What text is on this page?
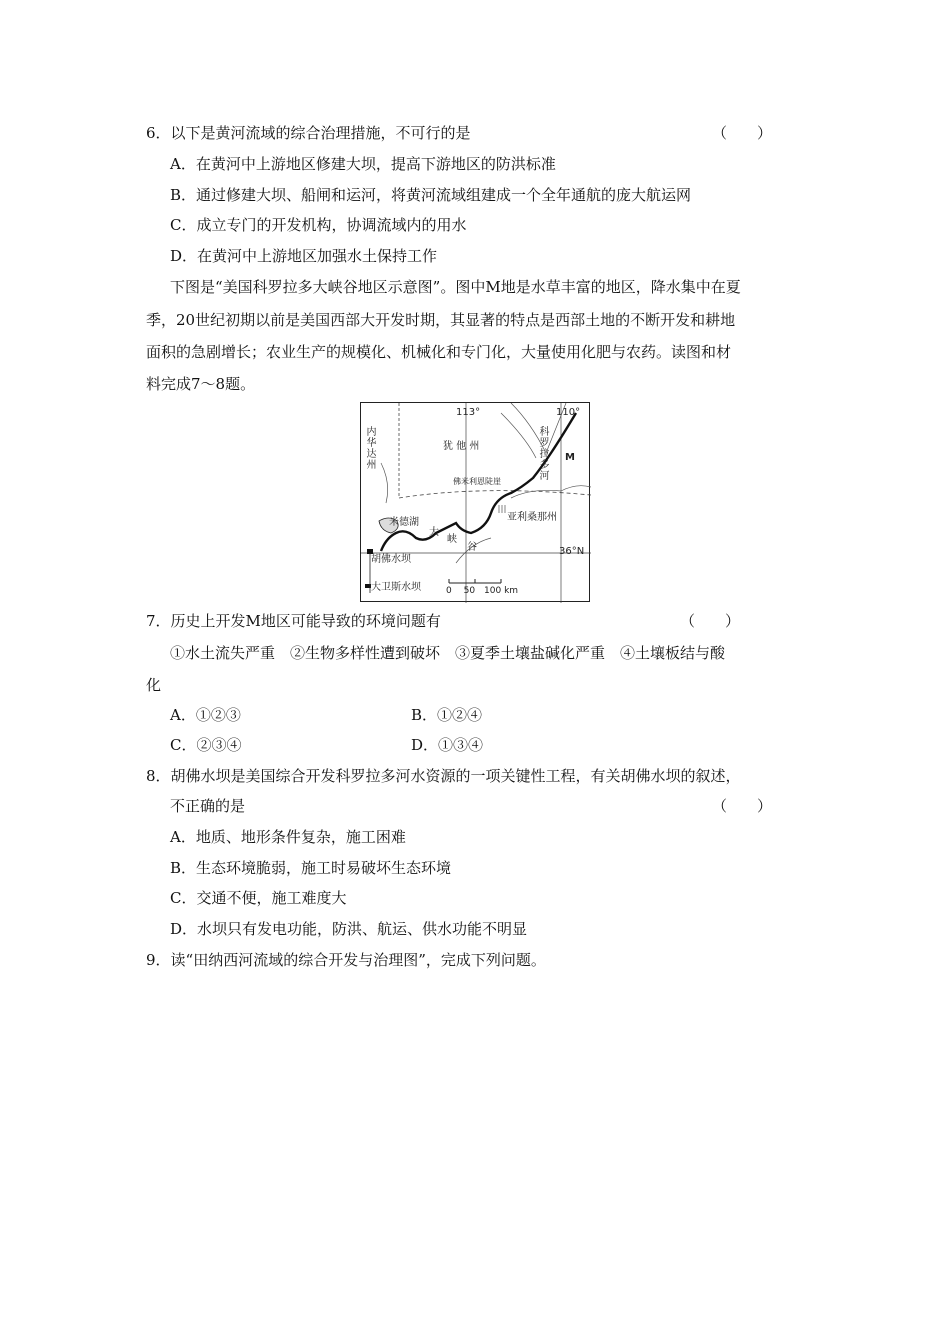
6．以下是黄河流域的综合治理措施，不可行的是	（　　）
A．在黄河中上游地区修建大坝，提高下游地区的防洪标准
B．通过修建大坝、船闸和运河，将黄河流域组建成一个全年通航的庞大航运网
C．成立专门的开发机构，协调流域内的用水
D．在黄河中上游地区加强水土保持工作
下图是“美国科罗拉多大峡谷地区示意图”。图中M地是水草丰富的地区，降水集中在夏
季，20世纪初期以前是美国西部大开发时期，其显著的特点是西部土地的不断开发和耕地
面积的急剧增长；农业生产的规模化、机械化和专门化，大量使用化肥与农药。读图和材
料完成7～8题。
113°	110°
36°N
内华达州
犹 他 州
亚利桑那州
M
科罗拉多河
佛米利恩陡崖
米德湖
胡佛水坝
大卫斯水坝
大
峡
谷
0　 50　100 km
7．历史上开发M地区可能导致的环境问题有	（　　）
①水土流失严重　②生物多样性遭到破坏　③夏季土壤盐碱化严重　④土壤板结与酸
化
A．①②③	B．①②④
C．②③④	D．①③④
8．胡佛水坝是美国综合开发科罗拉多河水资源的一项关键性工程，有关胡佛水坝的叙述，
不正确的是	（　　）
A．地质、地形条件复杂，施工困难
B．生态环境脆弱，施工时易破坏生态环境
C．交通不便，施工难度大
D．水坝只有发电功能，防洪、航运、供水功能不明显
9．读“田纳西河流域的综合开发与治理图”，完成下列问题。
